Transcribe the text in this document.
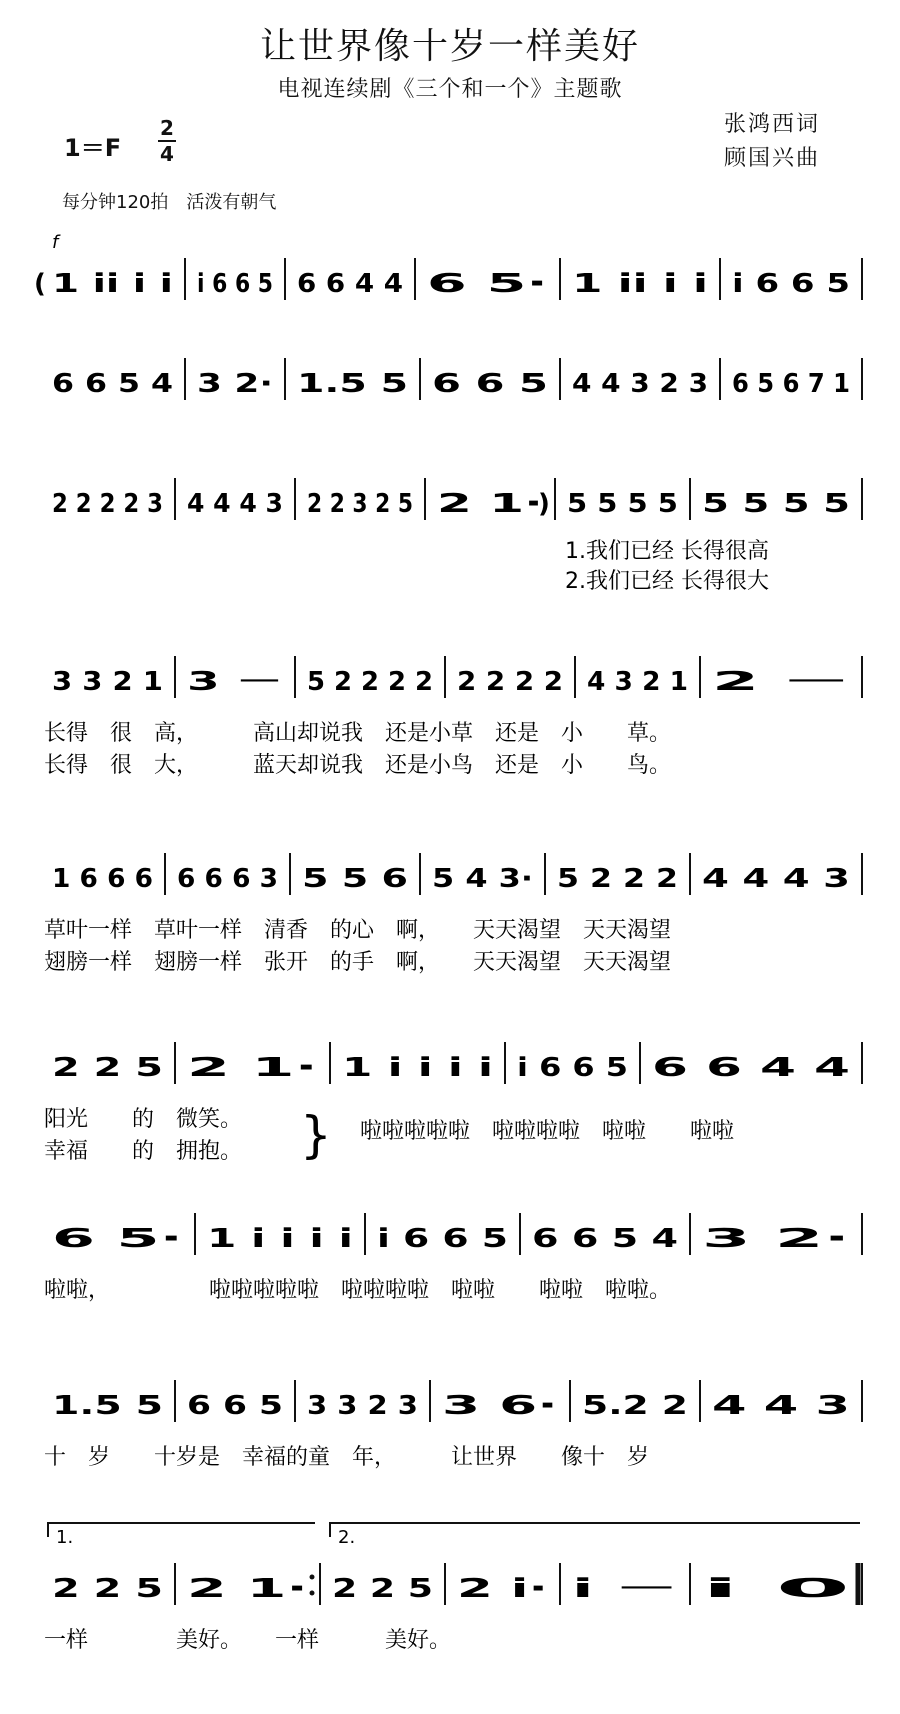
让世界像十岁一样美好
电视连续剧《三个和一个》主题歌
1＝F
2
4
每分钟120拍　活泼有朝气
张鸿西词
顾国兴曲
f
( 1 i̇i̇ i̇ i̇ i̇ 6 6 5 6 6 4 4 6 5· 1 i̇i̇ i̇ i̇ i̇ 6 6 5
6 6 5 4 3 2· 1.5 5 6 6 5 4 4 3 2 3 6 5 6 7 1
2 2 2 2 3 4 4 4 3 2 2 3 2 5 2 1· 5 5 5 5 5 5 5 5
1.我们已经 长得很高
2.我们已经 长得很大
3 3 2 1 3 － 5 2 2 2 2 2 2 2 2 4 3 2 1 2 －
长得　很　高，　　　高山却说我　还是小草　还是　小　　草。
长得　很　大，　　　蓝天却说我　还是小鸟　还是　小　　鸟。
1 6 6 6 6 6 6 3 5 5 6 5 4 3· 5 2 2 2 4 4 4 3
草叶一样　草叶一样　清香　的心　啊，　　天天渴望　天天渴望
翅膀一样　翅膀一样　张开　的手　啊，　　天天渴望　天天渴望
2 2 5 2 1· 1 i̇ i̇ i̇ i̇ i̇ 6 6 5 6 6 4 4
阳光　　的　微笑。
幸福　　的　拥抱。
啦啦啦啦啦　啦啦啦啦　啦啦　　啦啦
}
6 5· 1 i̇ i̇ i̇ i̇ i̇ 6 6 5 6 6 5 4 3 2·
啦啦，　　　　　啦啦啦啦啦　啦啦啦啦　啦啦　　啦啦　啦啦。
1.5 5 6 6 5 3 3 2 3 3 6· 5.2 2 4 4 3
十　岁　　十岁是　幸福的童　年，　　　让世界　　像十　岁
2 2 5 2 1· 2 2 5 2 i̇· i̇ － i̇ 0
一样　　　　美好。　　一样　　　美好。
1.	2.
)
